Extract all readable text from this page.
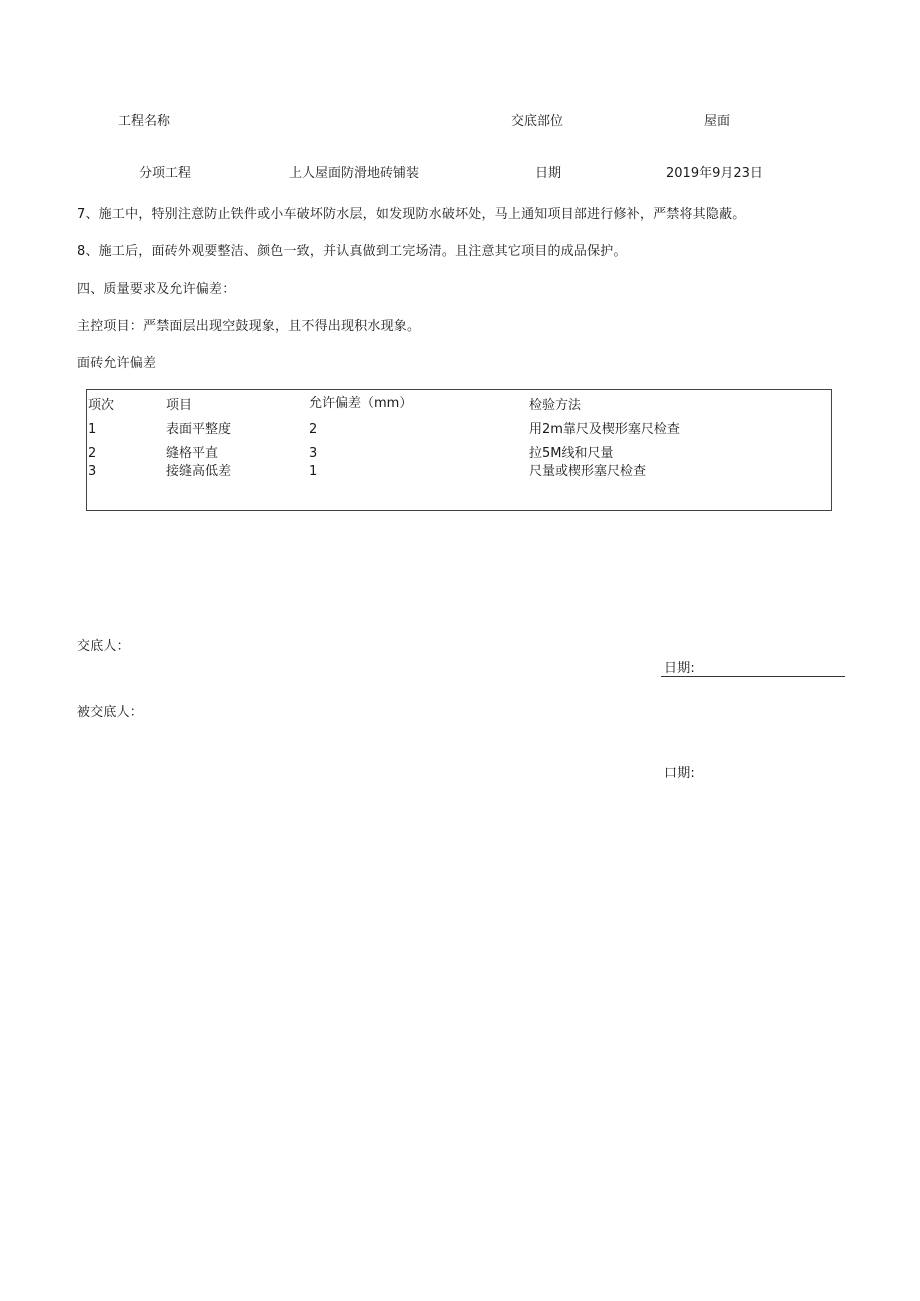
工程名称	交底部位	屋面
分项工程	上人屋面防滑地砖铺装	日期	2019年9月23日
7、施工中，特别注意防止铁件或小车破坏防水层，如发现防水破坏处，马上通知项目部进行修补，严禁将其隐蔽。
8、施工后，面砖外观要整洁、颜色一致，并认真做到工完场清。且注意其它项目的成品保护。
四、质量要求及允许偏差：
主控项目：严禁面层出现空鼓现象，且不得出现积水现象。
面砖允许偏差
项次	项目	允许偏差（mm）	检验方法
1	表面平整度	2	用2m靠尺及楔形塞尺检查
2	缝格平直	3	拉5M线和尺量
3	接缝高低差	1	尺量或楔形塞尺检查
交底人：
日期:
被交底人：
口期:
